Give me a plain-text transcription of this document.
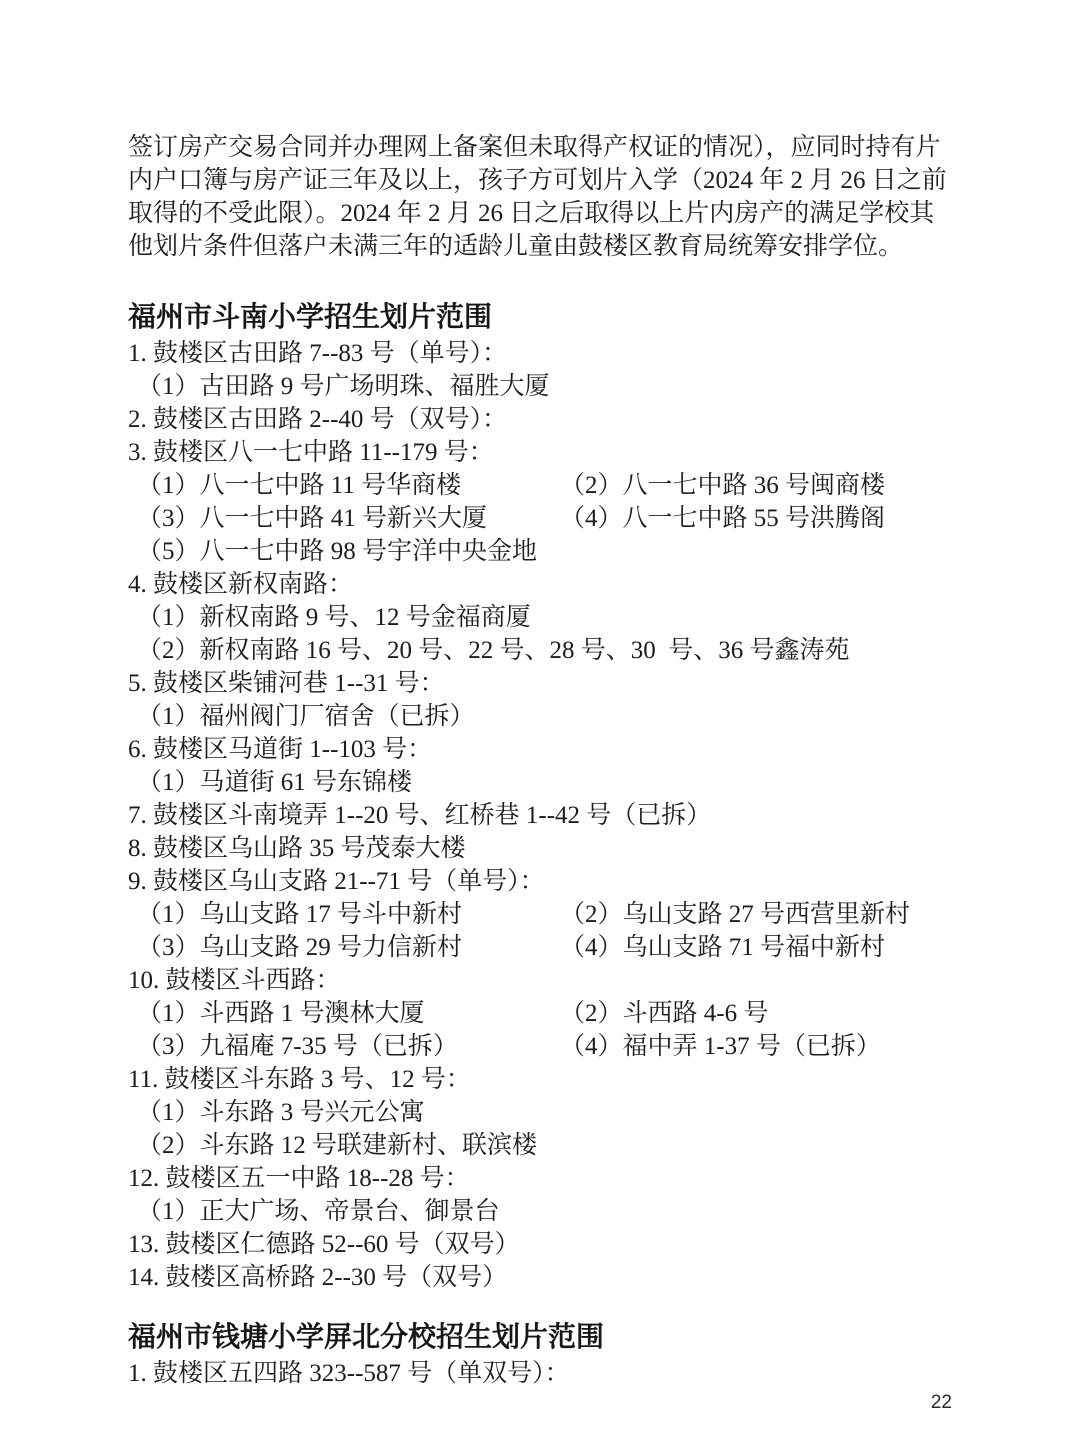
签订房产交易合同并办理网上备案但未取得产权证的情况），应同时持有片
内户口簿与房产证三年及以上，孩子方可划片入学（2024 年 2 月 26 日之前
取得的不受此限）。2024 年 2 月 26 日之后取得以上片内房产的满足学校其
他划片条件但落户未满三年的适龄儿童由鼓楼区教育局统筹安排学位。
福州市斗南小学招生划片范围
1. 鼓楼区古田路 7--83 号（单号）：
（1）古田路 9 号广场明珠、福胜大厦
2. 鼓楼区古田路 2--40 号（双号）：
3. 鼓楼区八一七中路 11--179 号：
（1）八一七中路 11 号华商楼	（2）八一七中路 36 号闽商楼
（3）八一七中路 41 号新兴大厦	（4）八一七中路 55 号洪腾阁
（5）八一七中路 98 号宇洋中央金地
4. 鼓楼区新权南路：
（1）新权南路 9 号、12 号金福商厦
（2）新权南路 16 号、20 号、22 号、28 号、30  号、36 号鑫涛苑
5. 鼓楼区柴铺河巷 1--31 号：
（1）福州阀门厂宿舍（已拆）
6. 鼓楼区马道街 1--103 号：
（1）马道街 61 号东锦楼
7. 鼓楼区斗南境弄 1--20 号、红桥巷 1--42 号（已拆）
8. 鼓楼区乌山路 35 号茂泰大楼
9. 鼓楼区乌山支路 21--71 号（单号）：
（1）乌山支路 17 号斗中新村	（2）乌山支路 27 号西营里新村
（3）乌山支路 29 号力信新村	（4）乌山支路 71 号福中新村
10. 鼓楼区斗西路：
（1）斗西路 1 号澳林大厦	（2）斗西路 4-6 号
（3）九福庵 7-35 号（已拆）	（4）福中弄 1-37 号（已拆）
11. 鼓楼区斗东路 3 号、12 号：
（1）斗东路 3 号兴元公寓
（2）斗东路 12 号联建新村、联滨楼
12. 鼓楼区五一中路 18--28 号：
（1）正大广场、帝景台、御景台
13. 鼓楼区仁德路 52--60 号（双号）
14. 鼓楼区高桥路 2--30 号（双号）
福州市钱塘小学屏北分校招生划片范围
1. 鼓楼区五四路 323--587 号（单双号）：
22
